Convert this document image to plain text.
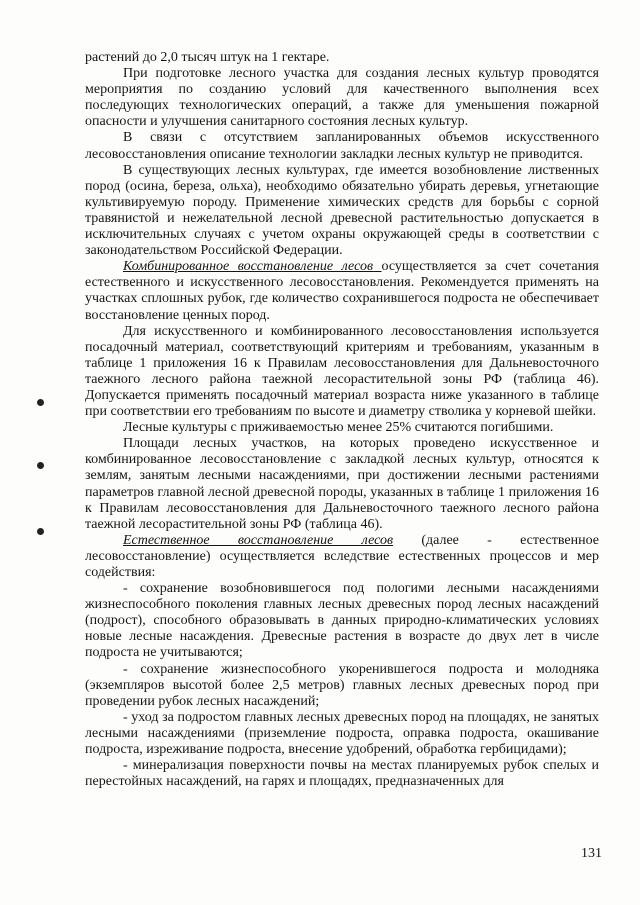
растений до 2,0 тысяч штук на 1 гектаре.

При подготовке лесного участка для создания лесных культур проводятся мероприятия по созданию условий для качественного выполнения всех последующих технологических операций, а также для уменьшения пожарной опасности и улучшения санитарного состояния лесных культур.

В связи с отсутствием запланированных объемов искусственного лесовосстановления описание технологии закладки лесных культур не приводится.

В существующих лесных культурах, где имеется возобновление лиственных пород (осина, береза, ольха), необходимо обязательно убирать деревья, угнетающие культивируемую породу. Применение химических средств для борьбы с сорной травянистой и нежелательной лесной древесной растительностью допускается в исключительных случаях с учетом охраны окружающей среды в соответствии с законодательством Российской Федерации.

Комбинированное восстановление лесов осуществляется за счет сочетания естественного и искусственного лесовосстановления. Рекомендуется применять на участках сплошных рубок, где количество сохранившегося подроста не обеспечивает восстановление ценных пород.

Для искусственного и комбинированного лесовосстановления используется посадочный материал, соответствующий критериям и требованиям, указанным в таблице 1 приложения 16 к Правилам лесовосстановления для Дальневосточного таежного лесного района таежной лесорастительной зоны РФ (таблица 46). Допускается применять посадочный материал возраста ниже указанного в таблице при соответствии его требованиям по высоте и диаметру стволика у корневой шейки.

Лесные культуры с приживаемостью менее 25% считаются погибшими.

Площади лесных участков, на которых проведено искусственное и комбинированное лесовосстановление с закладкой лесных культур, относятся к землям, занятым лесными насаждениями, при достижении лесными растениями параметров главной лесной древесной породы, указанных в таблице 1 приложения 16 к Правилам лесовосстановления для Дальневосточного таежного лесного района таежной лесорастительной зоны РФ (таблица 46).

Естественное восстановление лесов (далее - естественное лесовосстановление) осуществляется вследствие естественных процессов и мер содействия:

- сохранение возобновившегося под пологими лесными насаждениями жизнеспособного поколения главных лесных древесных пород лесных насаждений (подрост), способного образовывать в данных природно-климатических условиях новые лесные насаждения. Древесные растения в возрасте до двух лет в числе подроста не учитываются;

- сохранение жизнеспособного укоренившегося подроста и молодняка (экземпляров высотой более 2,5 метров) главных лесных древесных пород при проведении рубок лесных насаждений;

- уход за подростом главных лесных древесных пород на площадях, не занятых лесными насаждениями (приземление подроста, оправка подроста, окашивание подроста, изреживание подроста, внесение удобрений, обработка гербицидами);

- минерализация поверхности почвы на местах планируемых рубок спелых и перестойных насаждений, на гарях и площадях, предназначенных для

131
